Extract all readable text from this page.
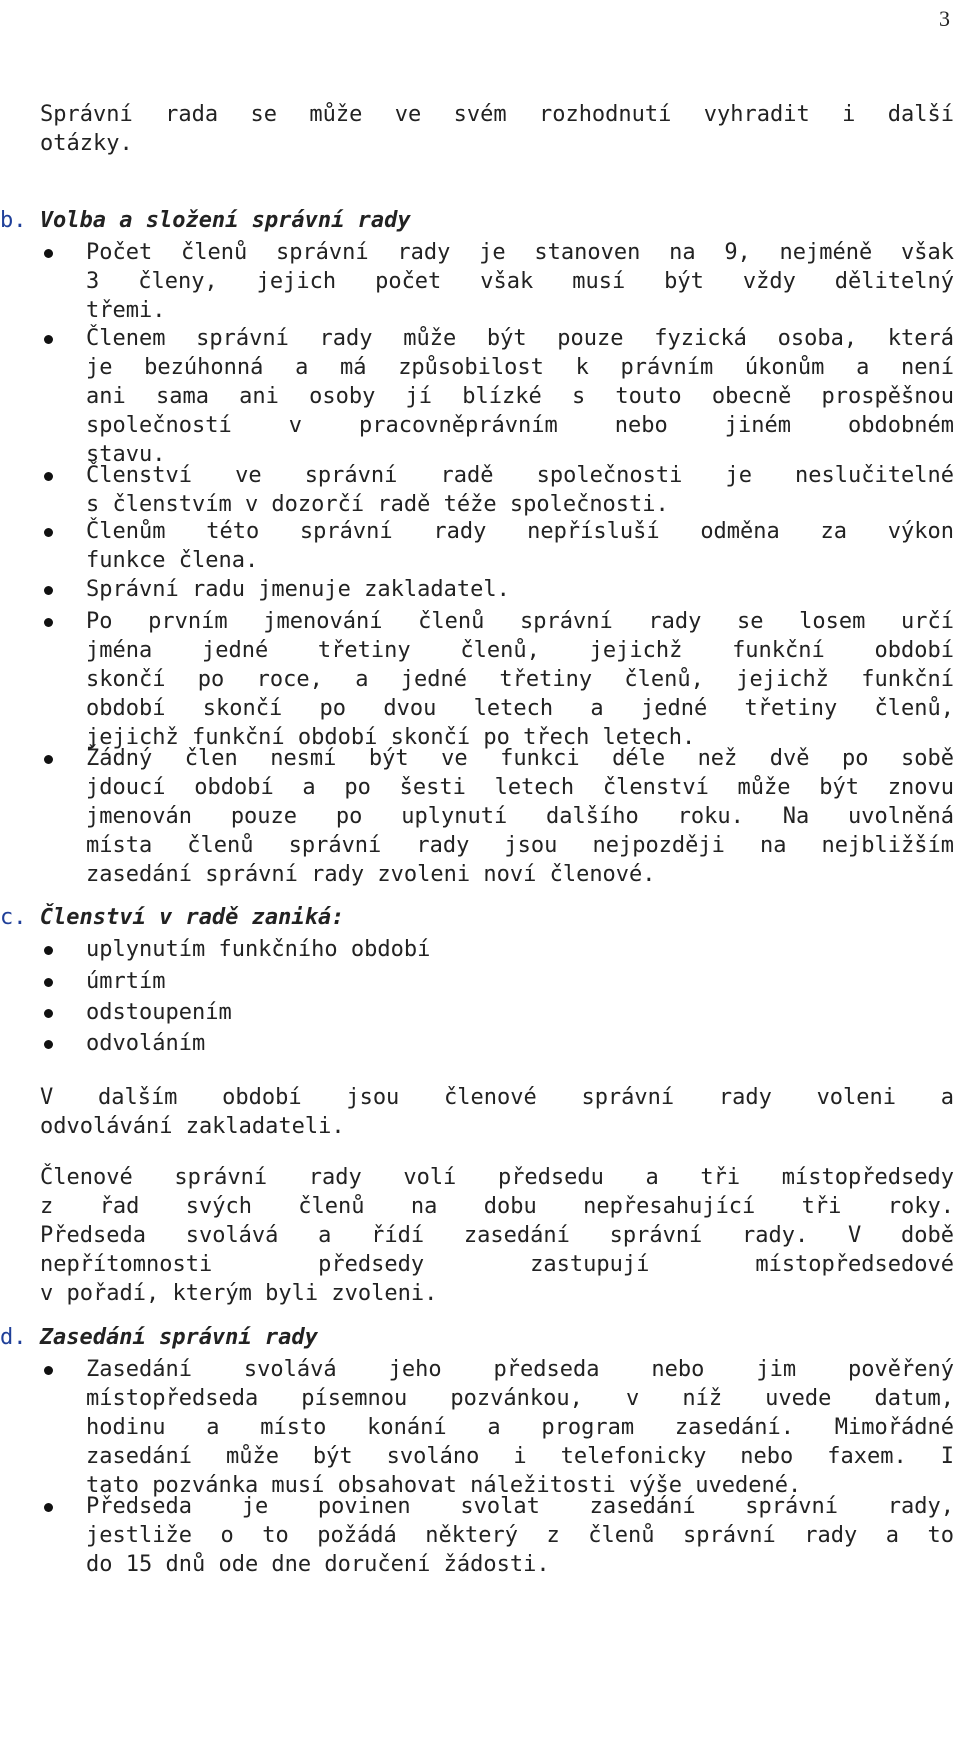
3
Správní rada se může ve svém rozhodnutí vyhradit i další
otázky.
b. Volba a složení správní rady
Počet členů správní rady je stanoven na 9, nejméně však
3 členy, jejich počet však musí být vždy dělitelný
třemi.
Členem správní rady může být pouze fyzická osoba, která
je bezúhonná a má způsobilost k právním úkonům a není
ani sama ani osoby jí blízké s touto obecně prospěšnou
společností v pracovněprávním nebo jiném obdobném
stavu.
Členství ve správní radě společnosti je neslučitelné
s členstvím v dozorčí radě téže společnosti.
Členům této správní rady nepřísluší odměna za výkon
funkce člena.
Správní radu jmenuje zakladatel.
Po prvním jmenování členů správní rady se losem určí
jména jedné třetiny členů, jejichž funkční období
skončí po roce, a jedné třetiny členů, jejichž funkční
období skončí po dvou letech a jedné třetiny členů,
jejichž funkční období skončí po třech letech.
Žádný člen nesmí být ve funkci déle než dvě po sobě
jdoucí období a po šesti letech členství může být znovu
jmenován pouze po uplynutí dalšího roku. Na uvolněná
místa členů správní rady jsou nejpozději na nejbližším
zasedání správní rady zvoleni noví členové.
c. Členství v radě zaniká:
uplynutím funkčního období
úmrtím
odstoupením
odvoláním
V dalším období jsou členové správní rady voleni a
odvolávání zakladateli.
Členové správní rady volí předsedu a tři místopředsedy
z řad svých členů na dobu nepřesahující tři roky.
Předseda svolává a řídí zasedání správní rady. V době
nepřítomnosti předsedy zastupují místopředsedové
v pořadí, kterým byli zvoleni.
d. Zasedání správní rady
Zasedání svolává jeho předseda nebo jim pověřený
místopředseda písemnou pozvánkou, v níž uvede datum,
hodinu a místo konání a program zasedání. Mimořádné
zasedání může být svoláno i telefonicky nebo faxem. I
tato pozvánka musí obsahovat náležitosti výše uvedené.
Předseda je povinen svolat zasedání správní rady,
jestliže o to požádá některý z členů správní rady a to
do 15 dnů ode dne doručení žádosti.
